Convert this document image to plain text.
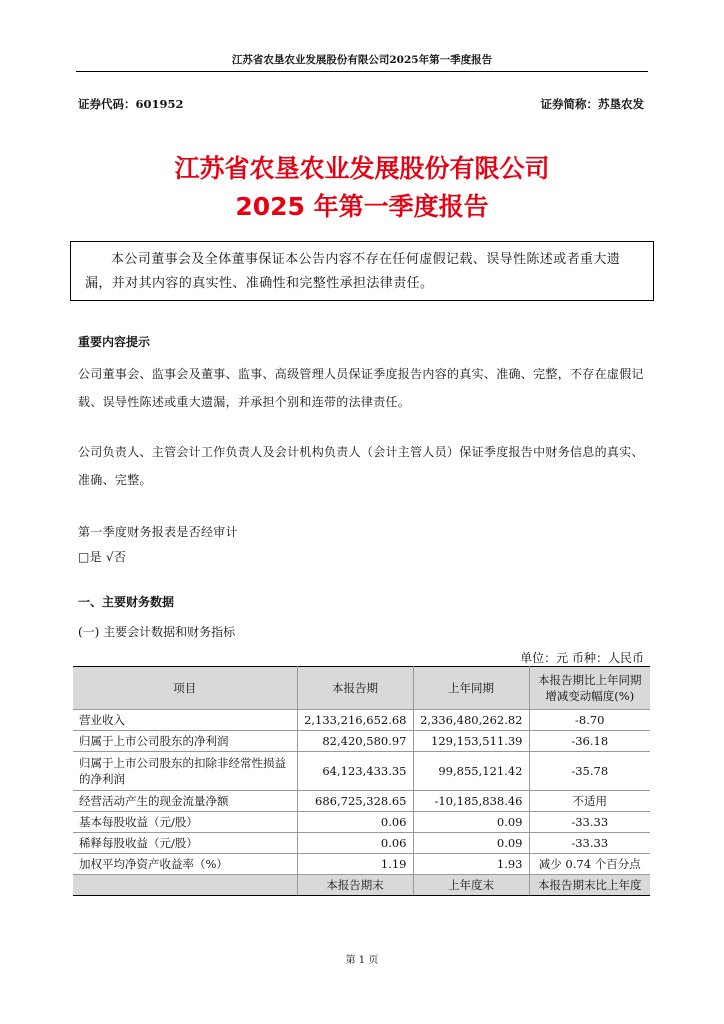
江苏省农垦农业发展股份有限公司2025年第一季度报告
证券代码：601952	证券简称：苏垦农发
江苏省农垦农业发展股份有限公司
2025 年第一季度报告
本公司董事会及全体董事保证本公告内容不存在任何虚假记载、误导性陈述或者重大遗漏，并对其内容的真实性、准确性和完整性承担法律责任。
重要内容提示
公司董事会、监事会及董事、监事、高级管理人员保证季度报告内容的真实、准确、完整，不存在虚假记载、误导性陈述或重大遗漏，并承担个别和连带的法律责任。
公司负责人、主管会计工作负责人及会计机构负责人（会计主管人员）保证季度报告中财务信息的真实、准确、完整。
第一季度财务报表是否经审计
□是 √否
一、主要财务数据
(一) 主要会计数据和财务指标
单位：元 币种：人民币
项目	本报告期	上年同期	本报告期比上年同期增减变动幅度(%)
营业收入	2,133,216,652.68	2,336,480,262.82	-8.70
归属于上市公司股东的净利润	82,420,580.97	129,153,511.39	-36.18
归属于上市公司股东的扣除非经常性损益的净利润	64,123,433.35	99,855,121.42	-35.78
经营活动产生的现金流量净额	686,725,328.65	-10,185,838.46	不适用
基本每股收益（元/股）	0.06	0.09	-33.33
稀释每股收益（元/股）	0.06	0.09	-33.33
加权平均净资产收益率（%）	1.19	1.93	减少 0.74 个百分点
	本报告期末	上年度末	本报告期末比上年度
第 1 页
